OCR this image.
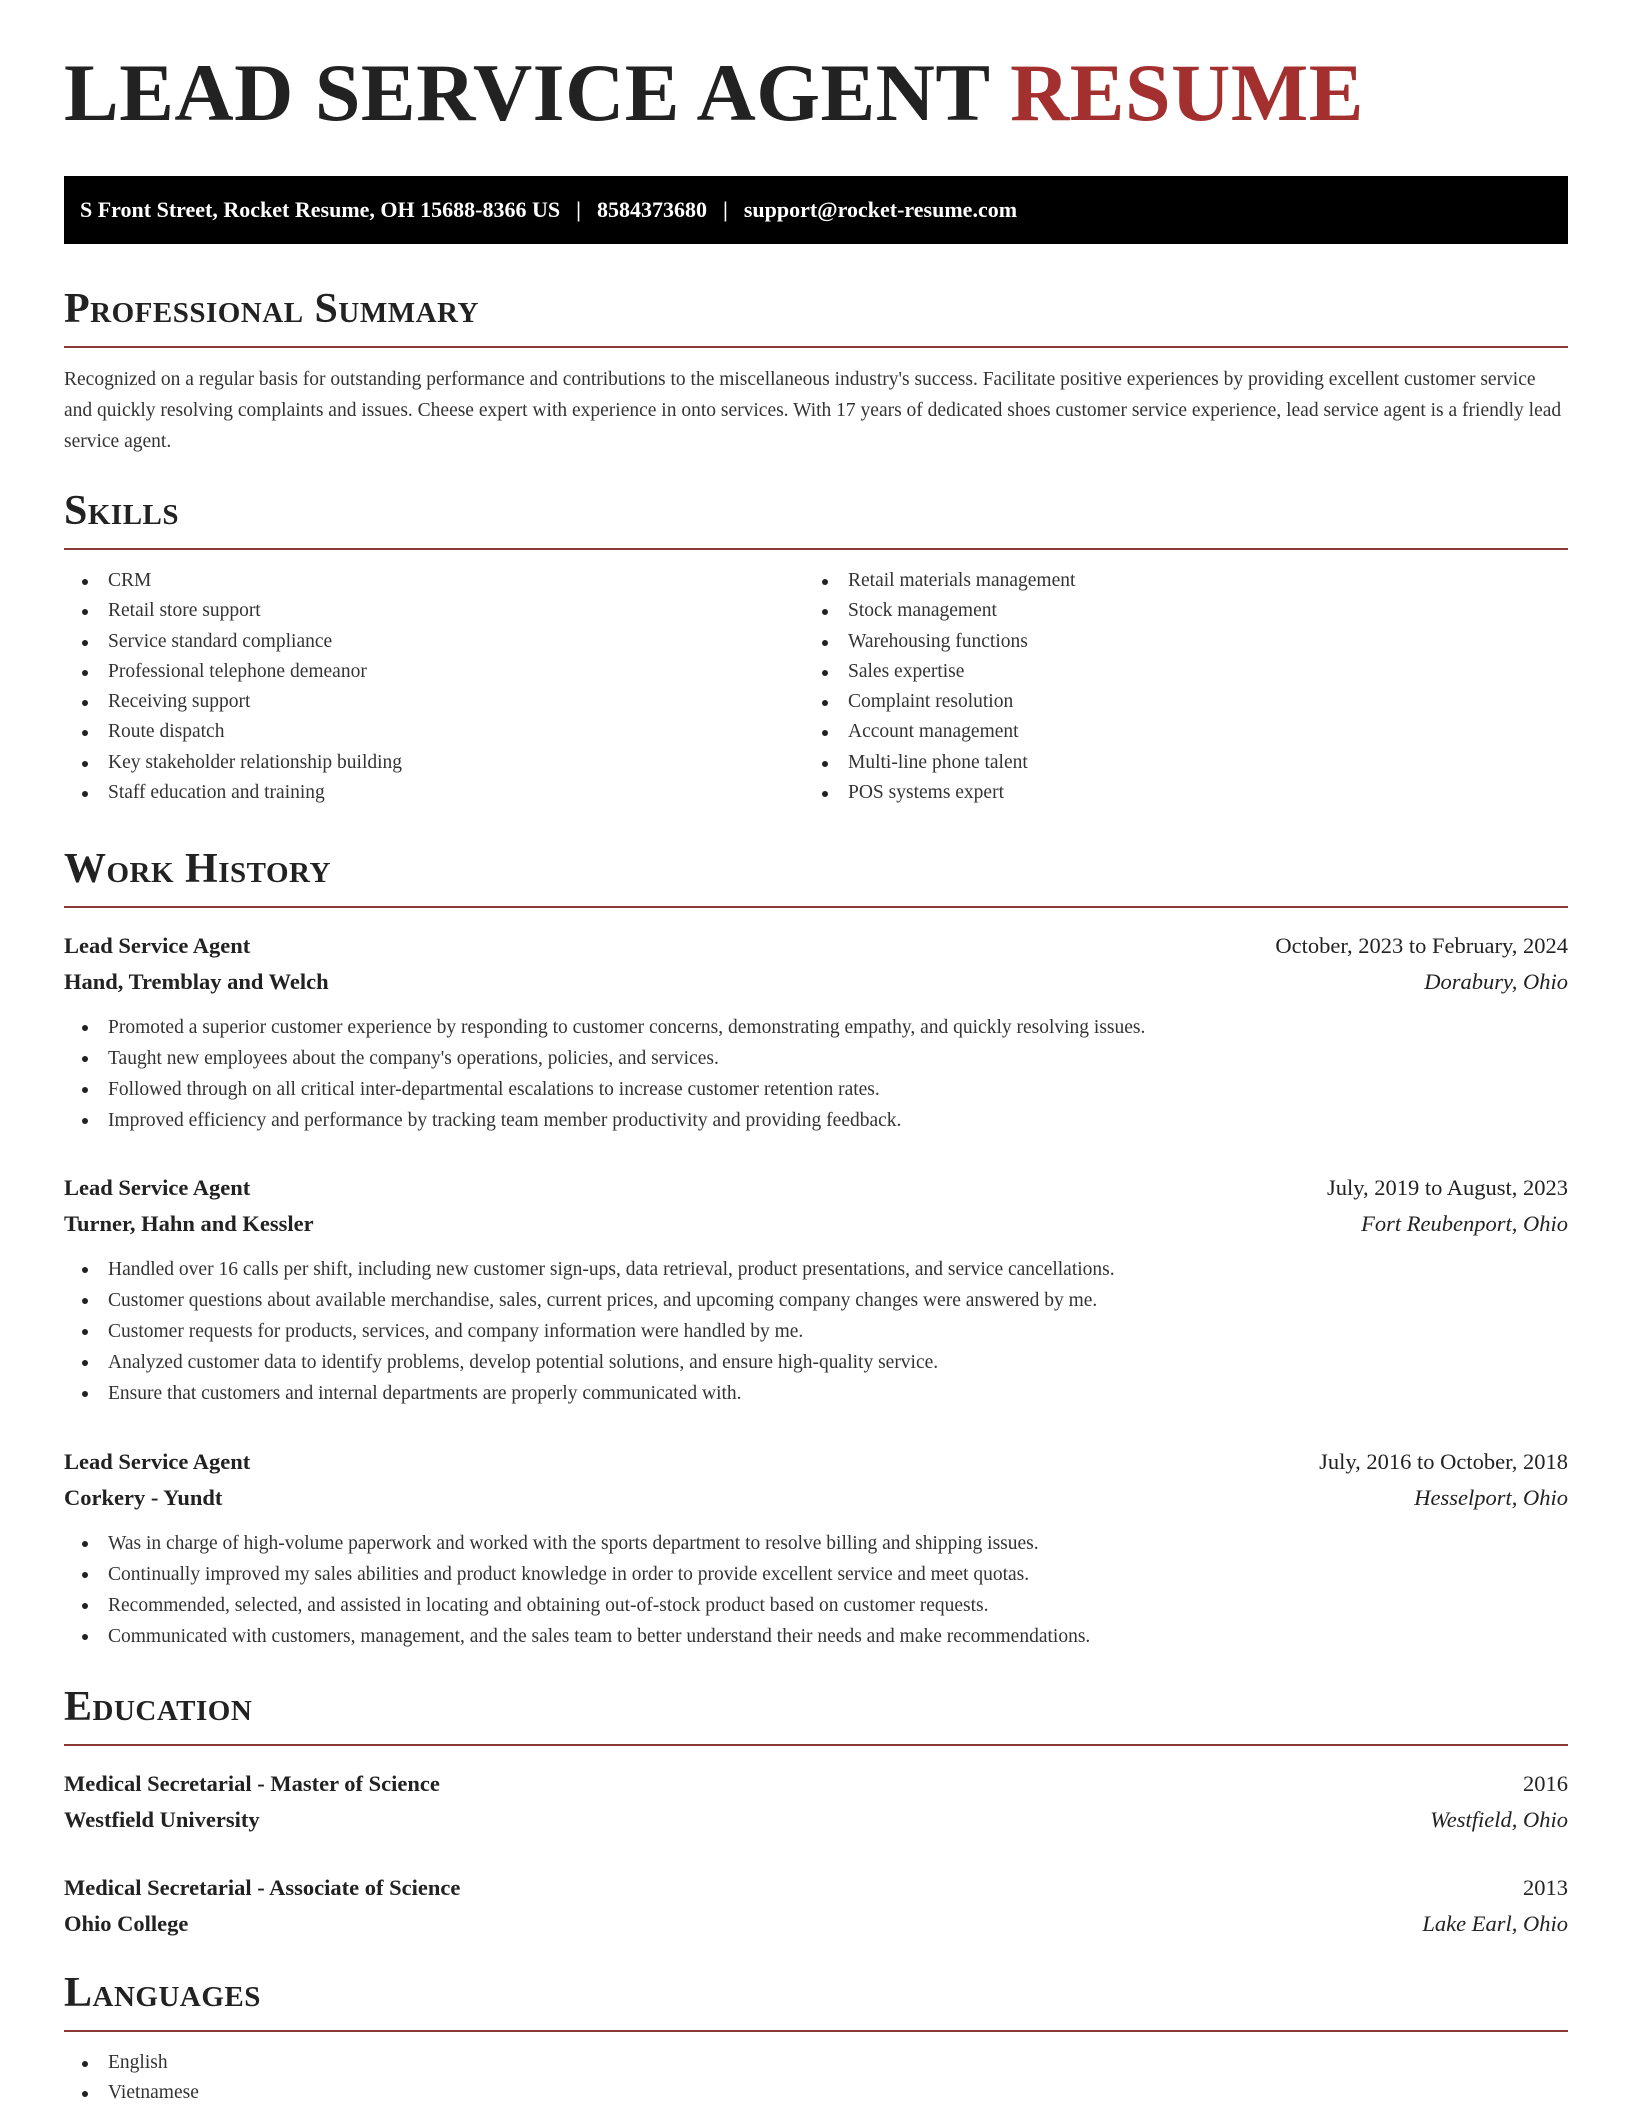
LEAD SERVICE AGENT RESUME
S Front Street, Rocket Resume, OH 15688-8366 US | 8584373680 | support@rocket-resume.com
Professional Summary

Recognized on a regular basis for outstanding performance and contributions to the miscellaneous industry's success. Facilitate positive experiences by providing excellent customer service and quickly resolving complaints and issues. Cheese expert with experience in onto services. With 17 years of dedicated shoes customer service experience, lead service agent is a friendly lead service agent.

Skills
CRM
Retail store support
Service standard compliance
Professional telephone demeanor
Receiving support
Route dispatch
Key stakeholder relationship building
Staff education and training
Retail materials management
Stock management
Warehousing functions
Sales expertise
Complaint resolution
Account management
Multi-line phone talent
POS systems expert
Work History
Lead Service Agent	October, 2023 to February, 2024
Hand, Tremblay and Welch	Dorabury, Ohio
Promoted a superior customer experience by responding to customer concerns, demonstrating empathy, and quickly resolving issues.
Taught new employees about the company's operations, policies, and services.
Followed through on all critical inter-departmental escalations to increase customer retention rates.
Improved efficiency and performance by tracking team member productivity and providing feedback.
Lead Service Agent	July, 2019 to August, 2023
Turner, Hahn and Kessler	Fort Reubenport, Ohio
Handled over 16 calls per shift, including new customer sign-ups, data retrieval, product presentations, and service cancellations.
Customer questions about available merchandise, sales, current prices, and upcoming company changes were answered by me.
Customer requests for products, services, and company information were handled by me.
Analyzed customer data to identify problems, develop potential solutions, and ensure high-quality service.
Ensure that customers and internal departments are properly communicated with.
Lead Service Agent	July, 2016 to October, 2018
Corkery - Yundt	Hesselport, Ohio
Was in charge of high-volume paperwork and worked with the sports department to resolve billing and shipping issues.
Continually improved my sales abilities and product knowledge in order to provide excellent service and meet quotas.
Recommended, selected, and assisted in locating and obtaining out-of-stock product based on customer requests.
Communicated with customers, management, and the sales team to better understand their needs and make recommendations.
Education
Medical Secretarial - Master of Science	2016
Westfield University	Westfield, Ohio
Medical Secretarial - Associate of Science	2013
Ohio College	Lake Earl, Ohio
Languages
English
Vietnamese
